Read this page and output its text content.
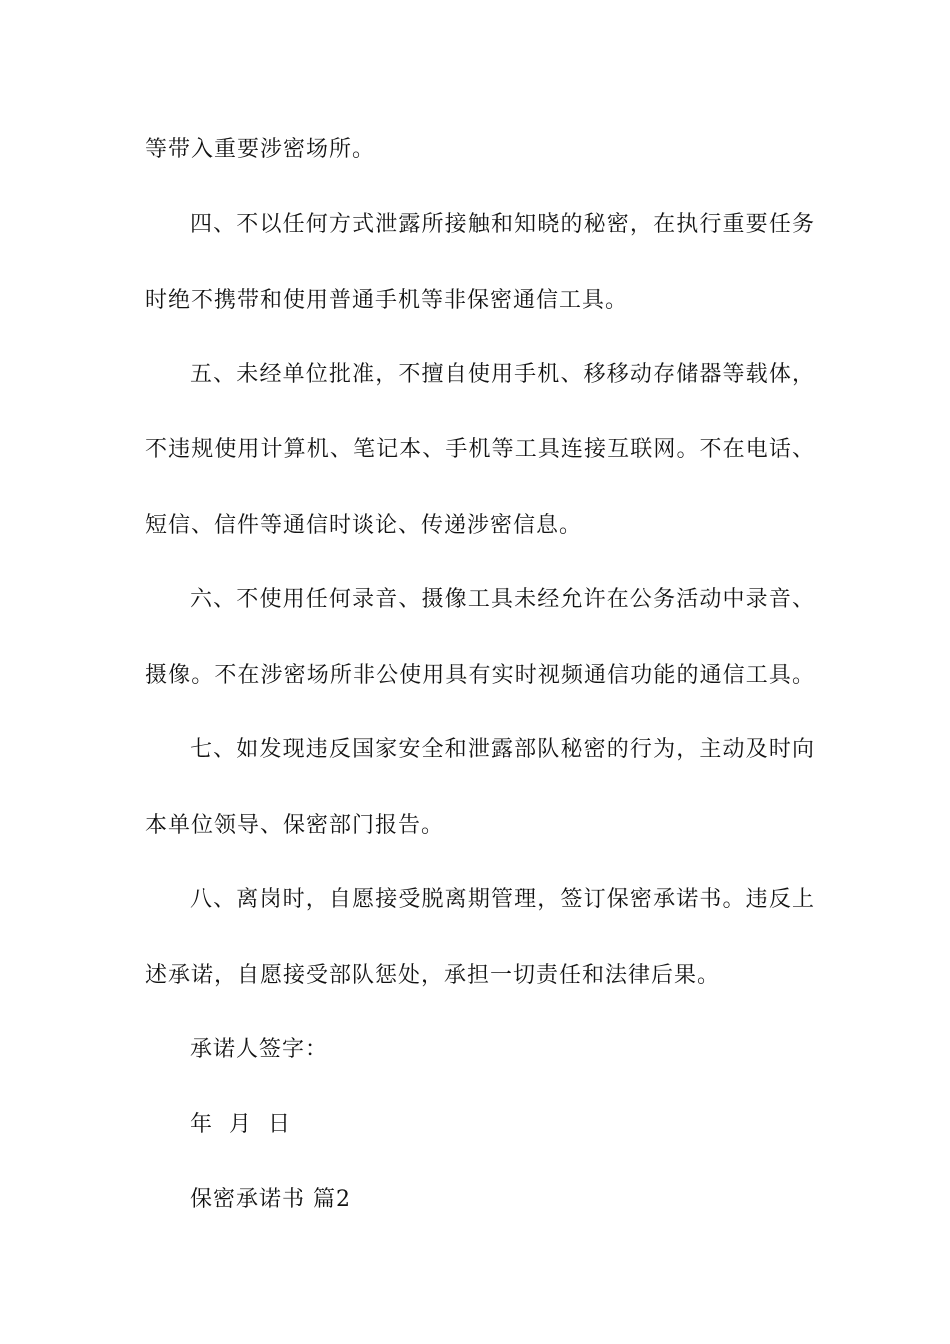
等带入重要涉密场所。
四、不以任何方式泄露所接触和知晓的秘密，在执行重要任务
时绝不携带和使用普通手机等非保密通信工具。
五、未经单位批准，不擅自使用手机、移移动存储器等载体，
不违规使用计算机、笔记本、手机等工具连接互联网。不在电话、
短信、信件等通信时谈论、传递涉密信息。
六、不使用任何录音、摄像工具未经允许在公务活动中录音、
摄像。不在涉密场所非公使用具有实时视频通信功能的通信工具。
七、如发现违反国家安全和泄露部队秘密的行为，主动及时向
本单位领导、保密部门报告。
八、离岗时，自愿接受脱离期管理，签订保密承诺书。违反上
述承诺，自愿接受部队惩处，承担一切责任和法律后果。
承诺人签字：
年  月  日
保密承诺书 篇2
